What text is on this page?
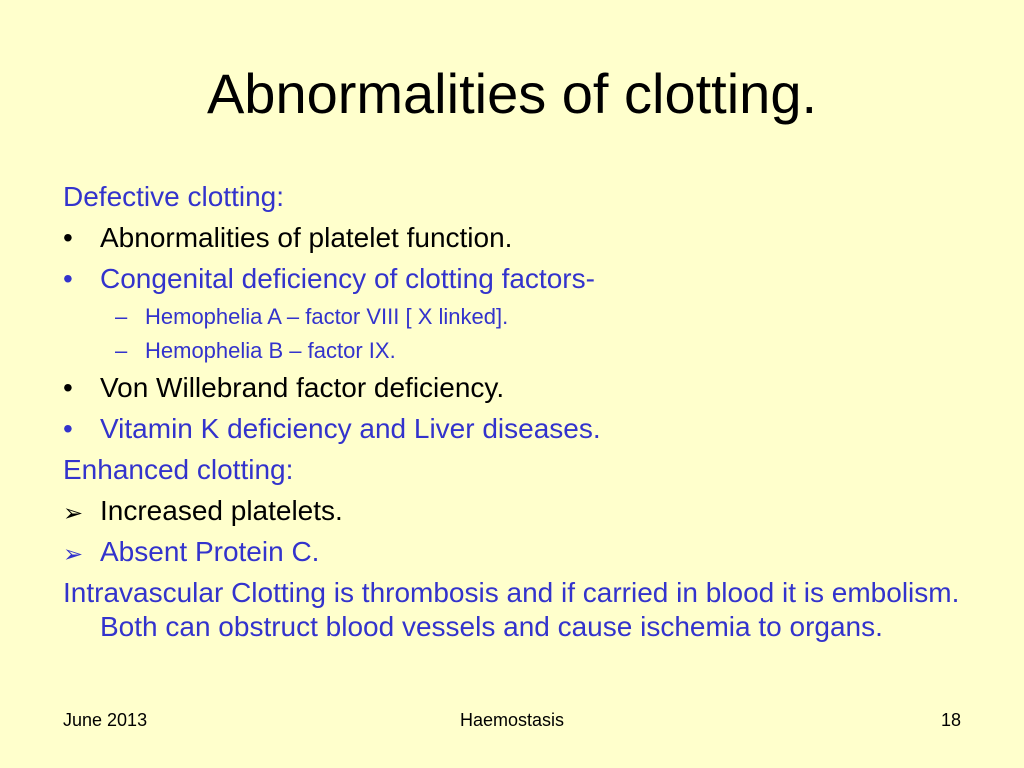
Abnormalities of clotting.
Defective clotting:
• Abnormalities of platelet function.
• Congenital deficiency of clotting factors-
– Hemophelia A – factor VIII [ X linked].
– Hemophelia B – factor IX.
• Von Willebrand factor deficiency.
• Vitamin K deficiency and Liver diseases.
Enhanced clotting:
➢ Increased platelets.
➢ Absent Protein C.
Intravascular Clotting is thrombosis and if carried in blood it is embolism. Both can obstruct blood vessels and cause ischemia to organs.
June 2013	Haemostasis	18
